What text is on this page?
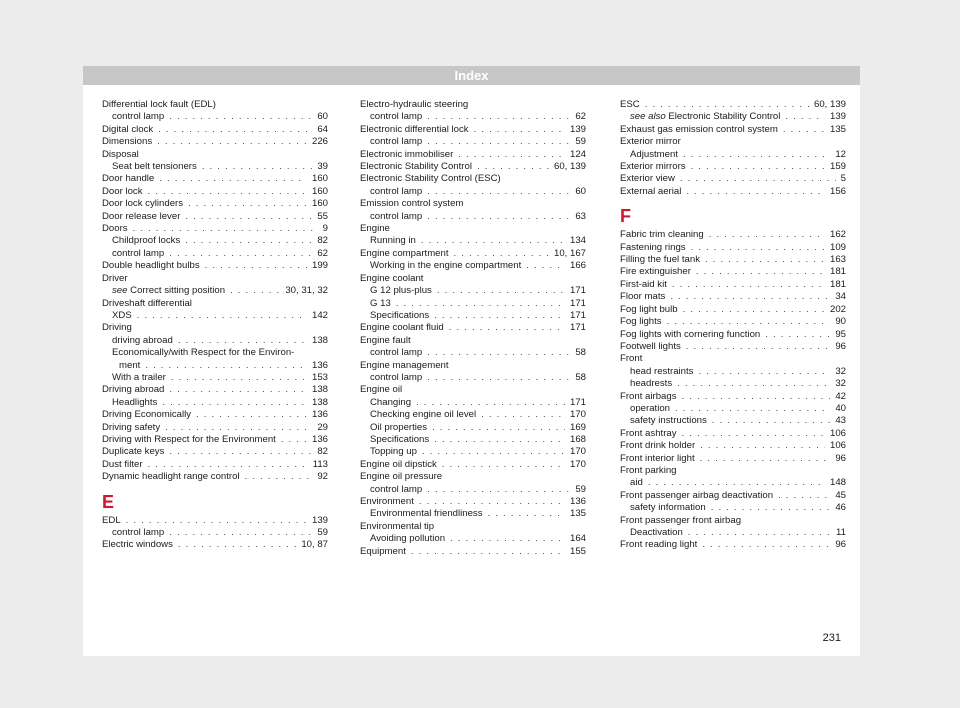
Index
Differential lock fault (EDL)
control lamp . . .	60
Digital clock . . .	64
Dimensions . . .	226
Disposal
Seat belt tensioners . . .	39
Door handle . . .	160
Door lock . . .	160
Door lock cylinders . . .	160
Door release lever . . .	55
Doors . . .	9
Childproof locks . . .	82
control lamp . . .	62
Double headlight bulbs . . .	199
Driver
see Correct sitting position . . .	30, 31, 32
Driveshaft differential
XDS . . .	142
Driving
driving abroad . . .	138
Economically/with Respect for the Environ-
ment . . .	136
With a trailer . . .	153
Driving abroad . . .	138
Headlights . . .	138
Driving Economically . . .	136
Driving safety . . .	29
Driving with Respect for the Environment . . .	136
Duplicate keys . . .	82
Dust filter . . .	113
Dynamic headlight range control . . .	92
E
EDL . . .	139
control lamp . . .	59
Electric windows . . .	10, 87
Electro-hydraulic steering
control lamp . . .	62
Electronic differential lock . . .	139
control lamp . . .	59
Electronic immobiliser . . .	124
Electronic Stability Control . . .	60, 139
Electronic Stability Control (ESC)
control lamp . . .	60
Emission control system
control lamp . . .	63
Engine
Running in . . .	134
Engine compartment . . .	10, 167
Working in the engine compartment . . .	166
Engine coolant
G 12 plus-plus . . .	171
G 13 . . .	171
Specifications . . .	171
Engine coolant fluid . . .	171
Engine fault
control lamp . . .	58
Engine management
control lamp . . .	58
Engine oil
Changing . . .	171
Checking engine oil level . . .	170
Oil properties . . .	169
Specifications . . .	168
Topping up . . .	170
Engine oil dipstick . . .	170
Engine oil pressure
control lamp . . .	59
Environment . . .	136
Environmental friendliness . . .	135
Environmental tip
Avoiding pollution . . .	164
Equipment . . .	155
ESC . . .	60, 139
see also Electronic Stability Control . . .	139
Exhaust gas emission control system . . .	135
Exterior mirror
Adjustment . . .	12
Exterior mirrors . . .	159
Exterior view . . .	5
External aerial . . .	156
F
Fabric trim cleaning . . .	162
Fastening rings . . .	109
Filling the fuel tank . . .	163
Fire extinguisher . . .	181
First-aid kit . . .	181
Floor mats . . .	34
Fog light bulb . . .	202
Fog lights . . .	90
Fog lights with cornering function . . .	95
Footwell lights . . .	96
Front
head restraints . . .	32
headrests . . .	32
Front airbags . . .	42
operation . . .	40
safety instructions . . .	43
Front ashtray . . .	106
Front drink holder . . .	106
Front interior light . . .	96
Front parking
aid . . .	148
Front passenger airbag deactivation . . .	45
safety information . . .	46
Front passenger front airbag
Deactivation . . .	11
Front reading light . . .	96
231
